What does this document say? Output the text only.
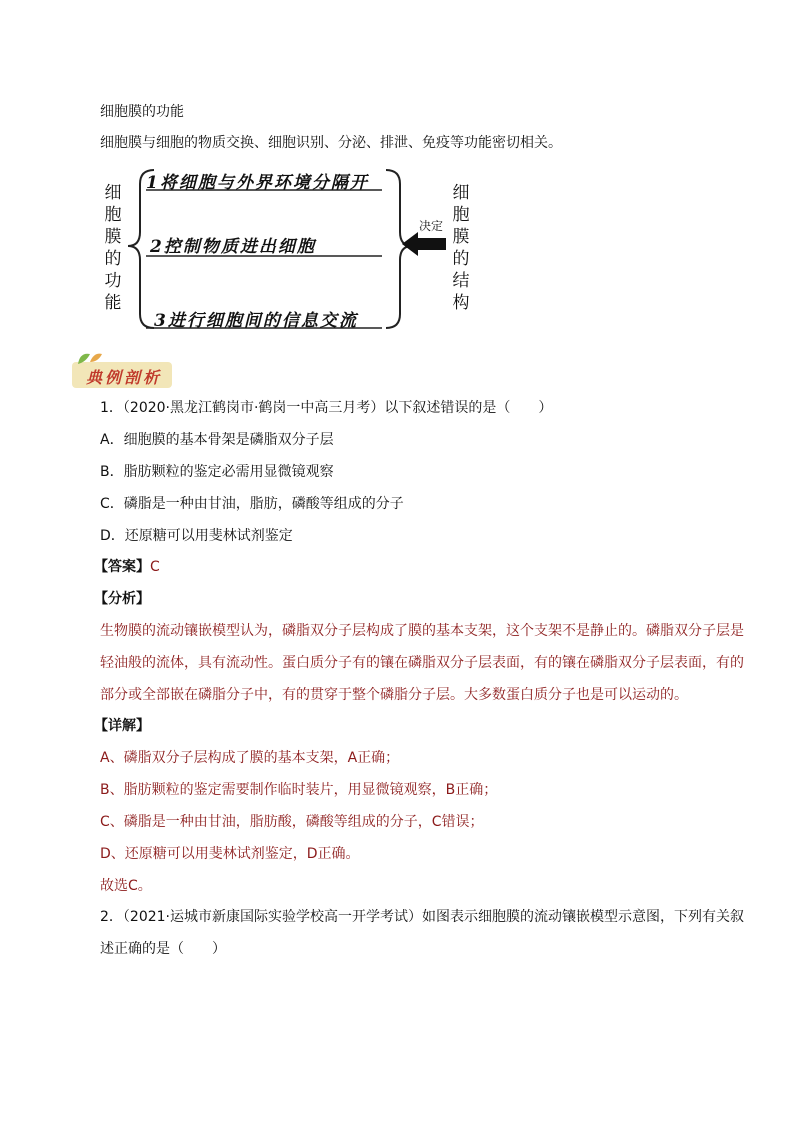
细胞膜的功能
细胞膜与细胞的物质交换、细胞识别、分泌、排泄、免疫等功能密切相关。
细
胞
膜
的
功
能
1将细胞与外界环境分隔开
2控制物质进出细胞
3进行细胞间的信息交流
决定
细
胞
膜
的
结
构
典例剖析
1．（2020·黑龙江鹤岗市·鹤岗一中高三月考）以下叙述错误的是（　　）
A．细胞膜的基本骨架是磷脂双分子层
B．脂肪颗粒的鉴定必需用显微镜观察
C．磷脂是一种由甘油，脂肪，磷酸等组成的分子
D．还原糖可以用斐林试剂鉴定
【答案】C
【分析】
生物膜的流动镶嵌模型认为，磷脂双分子层构成了膜的基本支架，这个支架不是静止的。磷脂双分子层是
轻油般的流体，具有流动性。蛋白质分子有的镶在磷脂双分子层表面，有的镶在磷脂双分子层表面，有的
部分或全部嵌在磷脂分子中，有的贯穿于整个磷脂分子层。大多数蛋白质分子也是可以运动的。
【详解】
A、磷脂双分子层构成了膜的基本支架，A正确；
B、脂肪颗粒的鉴定需要制作临时装片，用显微镜观察，B正确；
C、磷脂是一种由甘油，脂肪酸，磷酸等组成的分子，C错误；
D、还原糖可以用斐林试剂鉴定，D正确。
故选C。
2．（2021·运城市新康国际实验学校高一开学考试）如图表示细胞膜的流动镶嵌模型示意图，下列有关叙
述正确的是（　　）
